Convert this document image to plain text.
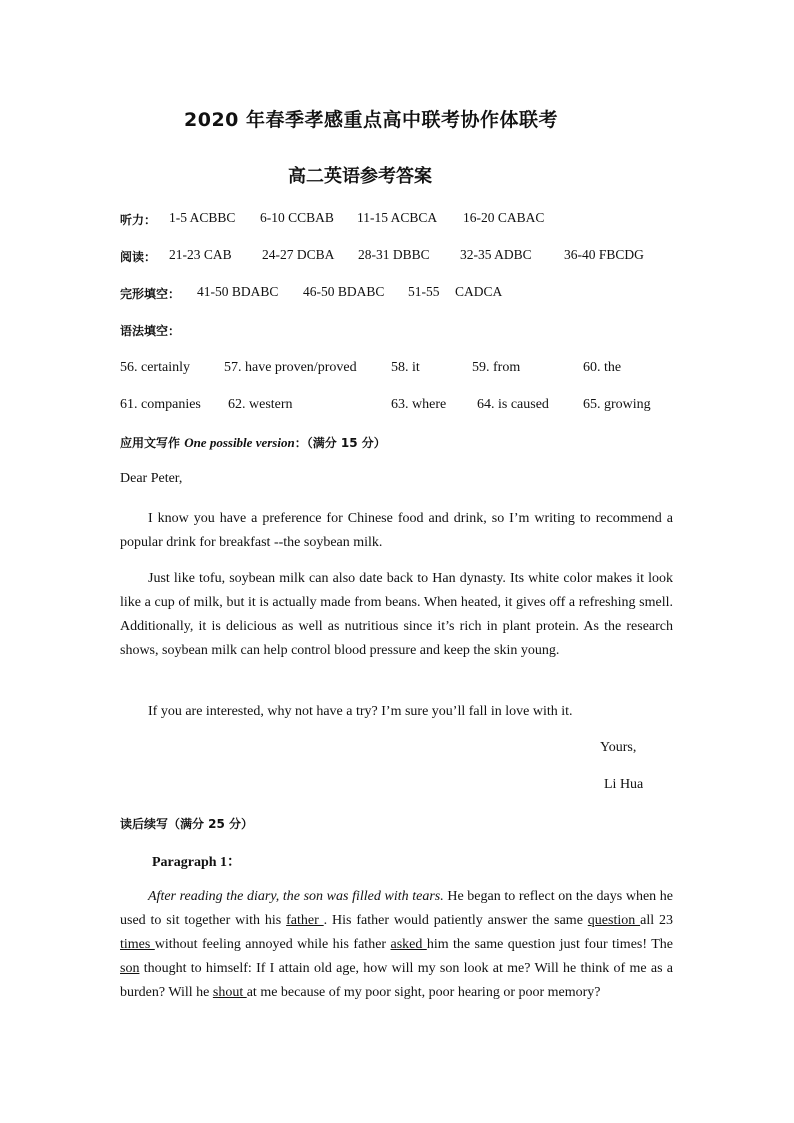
2020 年春季孝感重点高中联考协作体联考
高二英语参考答案
听力： 1-5 ACBBC 6-10 CCBAB 11-15 ACBCA 16-20 CABAC
阅读： 21-23 CAB 24-27 DCBA 28-31 DBBC 32-35 ADBC 36-40 FBCDG
完形填空： 41-50 BDABC 46-50 BDABC 51-55 CADCA
语法填空：
56. certainly 57. have proven/proved 58. it	59. from	60. the
61. companies 62. western	63. where 64. is caused 65. growing
应用文写作 One possible version：（满分 15 分）
Dear Peter,
I know you have a preference for Chinese food and drink, so I’m writing to recommend a popular drink for breakfast --the soybean milk.
Just like tofu, soybean milk can also date back to Han dynasty. Its white color makes it look like a cup of milk, but it is actually made from beans. When heated, it gives off a refreshing smell. Additionally, it is delicious as well as nutritious since it’s rich in plant protein. As the research shows, soybean milk can help control blood pressure and keep the skin young.
If you are interested, why not have a try? I’m sure you’ll fall in love with it.
Yours,
Li Hua
读后续写（满分 25 分）
Paragraph 1：
After reading the diary, the son was filled with tears. He began to reflect on the days when he used to sit together with his father . His father would patiently answer the same question all 23 times without feeling annoyed while his father asked him the same question just four times! The son thought to himself: If I attain old age, how will my son look at me? Will he think of me as a burden? Will he shout at me because of my poor sight, poor hearing or poor memory?
